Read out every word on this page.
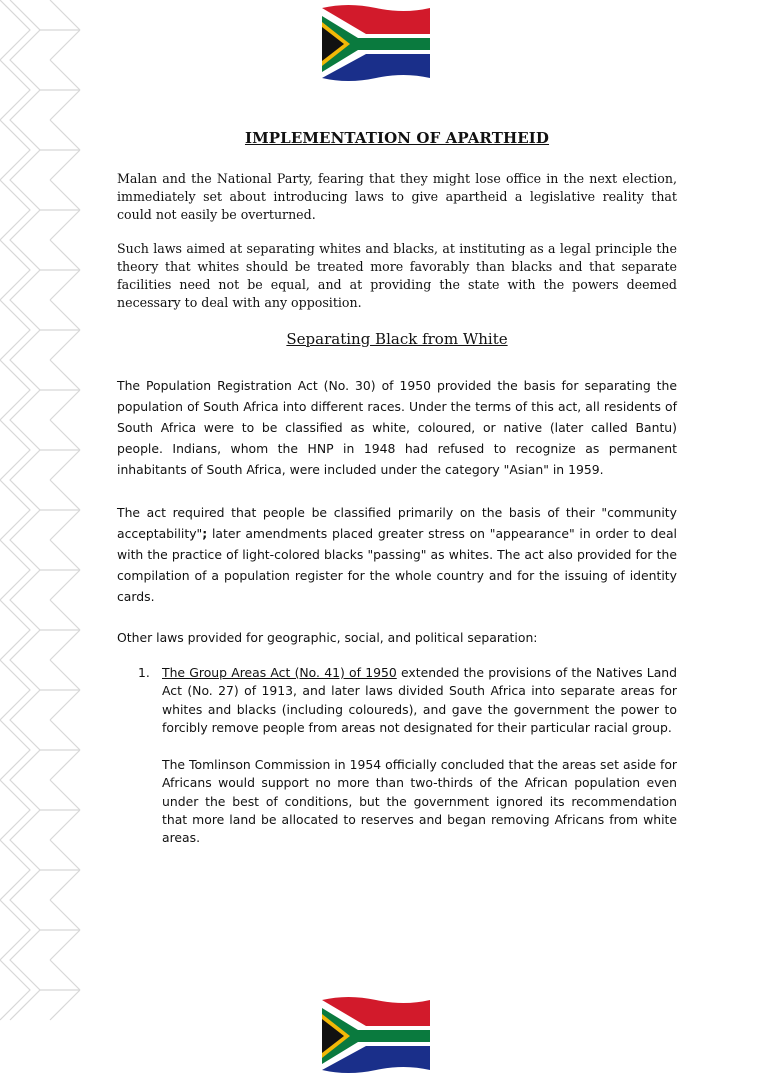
IMPLEMENTATION OF APARTHEID

Malan and the National Party, fearing that they might lose office in the next election, immediately set about introducing laws to give apartheid a legislative reality that could not easily be overturned.

Such laws aimed at separating whites and blacks, at instituting as a legal principle the theory that whites should be treated more favorably than blacks and that separate facilities need not be equal, and at providing the state with the powers deemed necessary to deal with any opposition.

Separating Black from White

The Population Registration Act (No. 30) of 1950 provided the basis for separating the population of South Africa into different races. Under the terms of this act, all residents of South Africa were to be classified as white, coloured, or native (later called Bantu) people. Indians, whom the HNP in 1948 had refused to recognize as permanent inhabitants of South Africa, were included under the category "Asian" in 1959.

The act required that people be classified primarily on the basis of their "community acceptability"; later amendments placed greater stress on "appearance" in order to deal with the practice of light-colored blacks "passing" as whites. The act also provided for the compilation of a population register for the whole country and for the issuing of identity cards.

Other laws provided for geographic, social, and political separation:

1. The Group Areas Act (No. 41) of 1950 extended the provisions of the Natives Land Act (No. 27) of 1913, and later laws divided South Africa into separate areas for whites and blacks (including coloureds), and gave the government the power to forcibly remove people from areas not designated for their particular racial group.

The Tomlinson Commission in 1954 officially concluded that the areas set aside for Africans would support no more than two-thirds of the African population even under the best of conditions, but the government ignored its recommendation that more land be allocated to reserves and began removing Africans from white areas.
